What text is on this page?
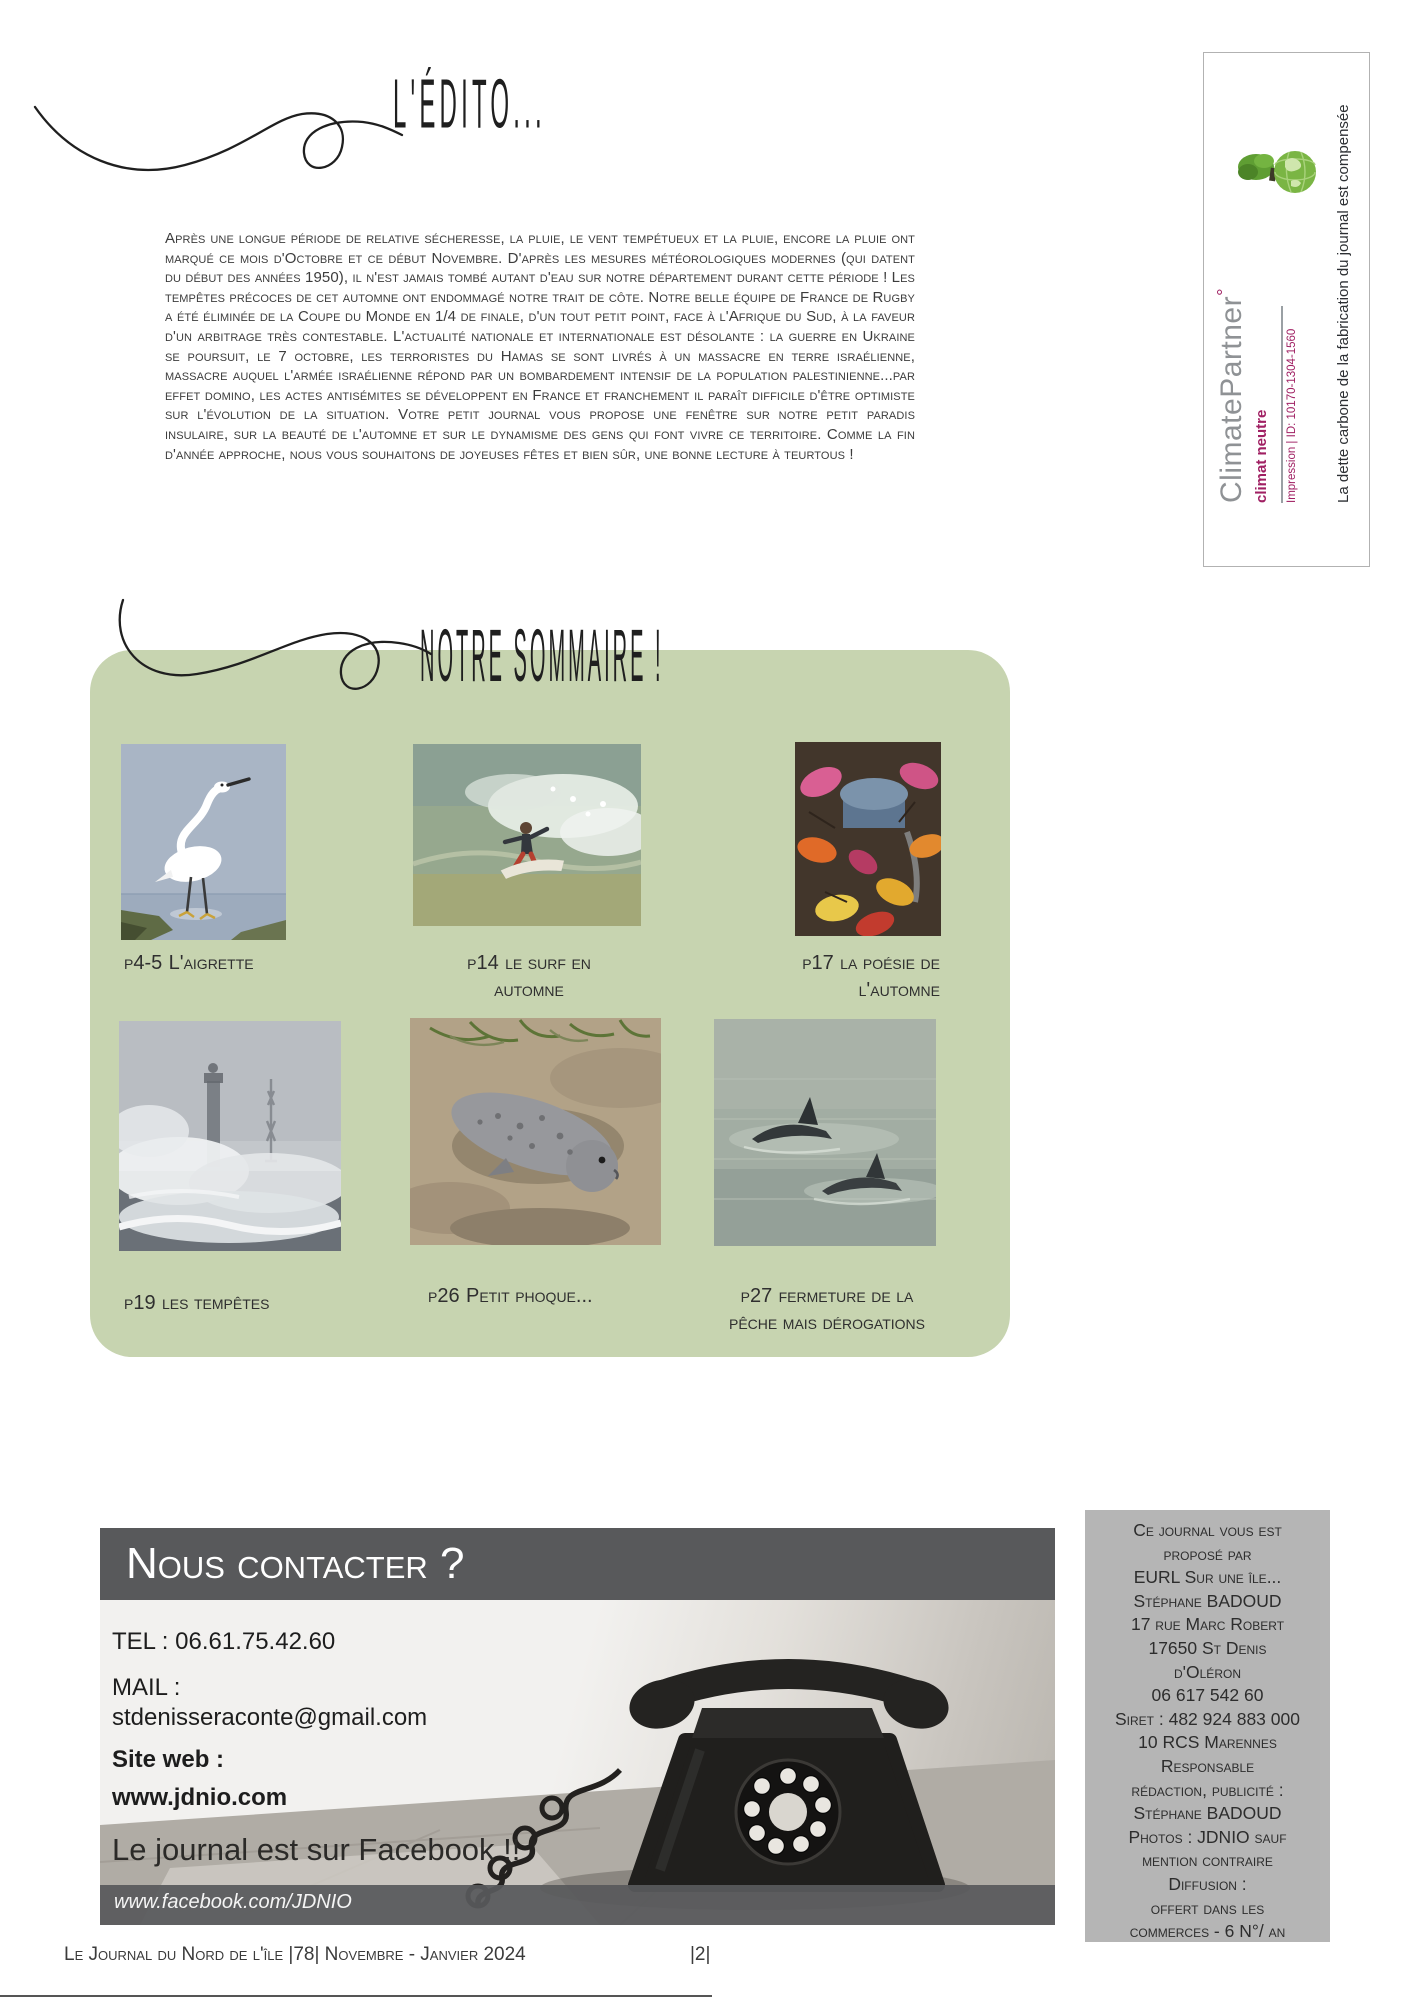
L'ÉDITO...
Après une longue période de relative sécheresse, la pluie, le vent tempétueux et la pluie, encore la pluie ont marqué ce mois d'Octobre et ce début Novembre. D'après les mesures météorologiques modernes (qui datent du début des années 1950), il n'est jamais tombé autant d'eau sur notre département durant cette période ! Les tempêtes précoces de cet automne ont endommagé notre trait de côte. Notre belle équipe de France de Rugby a été éliminée de la Coupe du Monde en 1/4 de finale, d'un tout petit point, face à l'Afrique du Sud, à la faveur d'un arbitrage très contestable. L'actualité nationale et internationale est désolante : la guerre en Ukraine se poursuit, le 7 octobre, les terroristes du Hamas se sont livrés à un massacre en terre israélienne, massacre auquel l'armée israélienne répond par un bombardement intensif de la population palestinienne...par effet domino, les actes antisémites se développent en France et franchement il paraît difficile d'être optimiste sur l'évolution de la situation. Votre petit journal vous propose une fenêtre sur notre petit paradis insulaire, sur la beauté de l'automne et sur le dynamisme des gens qui font vivre ce territoire. Comme la fin d'année approche, nous vous souhaitons de joyeuses fêtes et bien sûr, une bonne lecture à teurtous !	ClimatePartner°
climat neutre Impression | ID: 10170-1304-1560 La dette carbone de la fabrication du journal est compensée
NOTRE SOMMAIRE !
p4-5 L'aigrette	p14 le surf en automne
p17 la poésie de l'automne
p19 les tempêtes	p26 Petit phoque...	p27 fermeture de la pêche mais dérogations
Nous contacter ?
TEL : 06.61.75.42.60
MAIL :
stdenisseraconte@gmail.com
Site web :
www.jdnio.com
Le journal est sur Facebook !!
www.facebook.com/JDNIO
Ce journal vous est
proposé par
EURL Sur une île...
Stéphane BADOUD
17 rue Marc Robert
17650 St Denis
d'Oléron
06 617 542 60
Siret : 482 924 883 000
10 RCS Marennes
Responsable
rédaction, publicité :
Stéphane BADOUD
Photos : JDNIO sauf
mention contraire
Diffusion :
offert dans les
commerces - 6 N°/ an
Le Journal du Nord de l'île |78| Novembre - Janvier 2024	|2|
